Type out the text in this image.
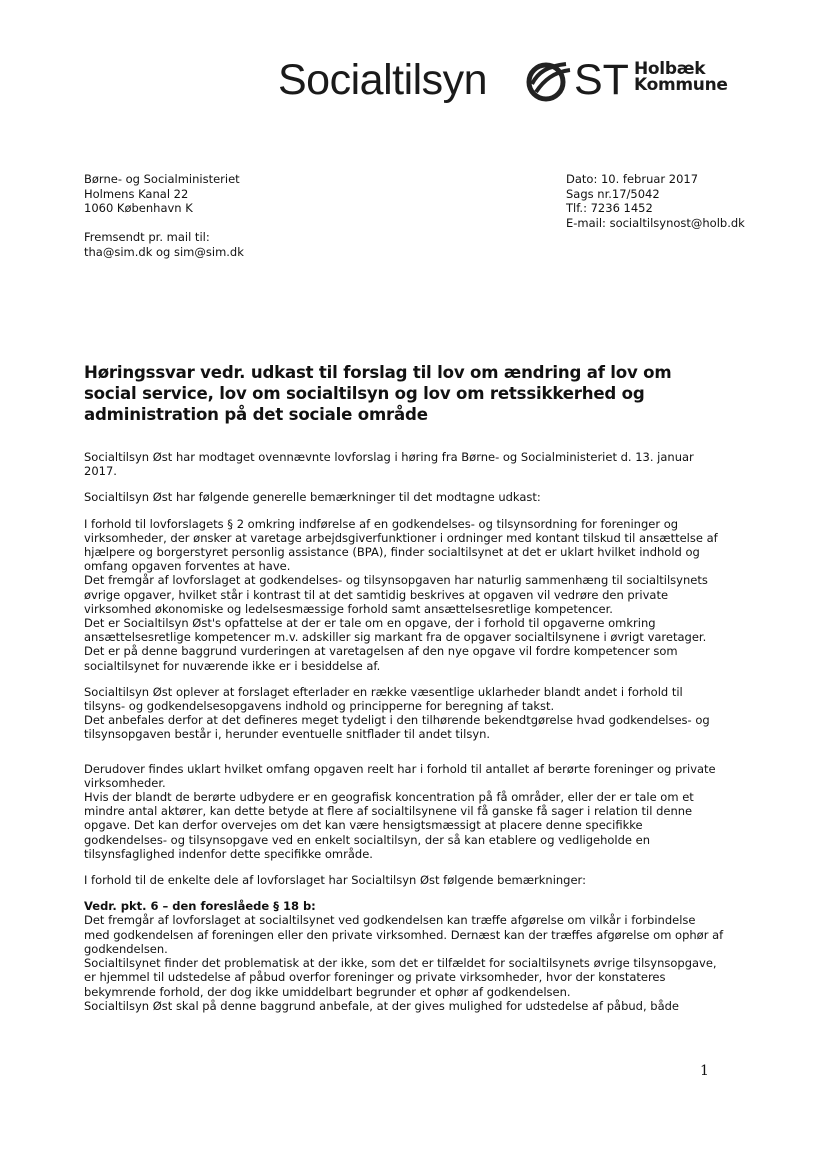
Socialtilsyn ST Holbæk
Kommune
Børne- og Socialministeriet
Holmens Kanal 22
1060 København K
Dato: 10. februar 2017
Sags nr.17/5042
Tlf.: 7236 1452
E-mail: socialtilsynost@holb.dk
Fremsendt pr. mail til:
tha@sim.dk og sim@sim.dk
Høringssvar vedr. udkast til forslag til lov om ændring af lov om social service, lov om socialtilsyn og lov om retssikkerhed og administration på det sociale område

Socialtilsyn Øst har modtaget ovennævnte lovforslag i høring fra Børne- og Socialministeriet d. 13. januar 2017.

Socialtilsyn Øst har følgende generelle bemærkninger til det modtagne udkast:

I forhold til lovforslagets § 2 omkring indførelse af en godkendelses- og tilsynsordning for foreninger og virksomheder, der ønsker at varetage arbejdsgiverfunktioner i ordninger med kontant tilskud til ansættelse af hjælpere og borgerstyret personlig assistance (BPA), finder socialtilsynet at det er uklart hvilket indhold og omfang opgaven forventes at have.

Det fremgår af lovforslaget at godkendelses- og tilsynsopgaven har naturlig sammenhæng til socialtilsynets øvrige opgaver, hvilket står i kontrast til at det samtidig beskrives at opgaven vil vedrøre den private virksomhed økonomiske og ledelsesmæssige forhold samt ansættelsesretlige kompetencer.

Det er Socialtilsyn Øst's opfattelse at der er tale om en opgave, der i forhold til opgaverne omkring ansættelsesretlige kompetencer m.v. adskiller sig markant fra de opgaver socialtilsynene i øvrigt varetager. Det er på denne baggrund vurderingen at varetagelsen af den nye opgave vil fordre kompetencer som socialtilsynet for nuværende ikke er i besiddelse af.

Socialtilsyn Øst oplever at forslaget efterlader en række væsentlige uklarheder blandt andet i forhold til tilsyns- og godkendelsesopgavens indhold og principperne for beregning af takst.

Det anbefales derfor at det defineres meget tydeligt i den tilhørende bekendtgørelse hvad godkendelses- og tilsynsopgaven består i, herunder eventuelle snitflader til andet tilsyn.

Derudover findes uklart hvilket omfang opgaven reelt har i forhold til antallet af berørte foreninger og private virksomheder.

Hvis der blandt de berørte udbydere er en geografisk koncentration på få områder, eller der er tale om et mindre antal aktører, kan dette betyde at flere af socialtilsynene vil få ganske få sager i relation til denne opgave. Det kan derfor overvejes om det kan være hensigtsmæssigt at placere denne specifikke godkendelses- og tilsynsopgave ved en enkelt socialtilsyn, der så kan etablere og vedligeholde en tilsynsfaglighed indenfor dette specifikke område.

I forhold til de enkelte dele af lovforslaget har Socialtilsyn Øst følgende bemærkninger:

Vedr. pkt. 6 – den foreslåede § 18 b:

Det fremgår af lovforslaget at socialtilsynet ved godkendelsen kan træffe afgørelse om vilkår i forbindelse med godkendelsen af foreningen eller den private virksomhed. Dernæst kan der træffes afgørelse om ophør af godkendelsen.

Socialtilsynet finder det problematisk at der ikke, som det er tilfældet for socialtilsynets øvrige tilsynsopgave, er hjemmel til udstedelse af påbud overfor foreninger og private virksomheder, hvor der konstateres bekymrende forhold, der dog ikke umiddelbart begrunder et ophør af godkendelsen.

Socialtilsyn Øst skal på denne baggrund anbefale, at der gives mulighed for udstedelse af påbud, både

1
